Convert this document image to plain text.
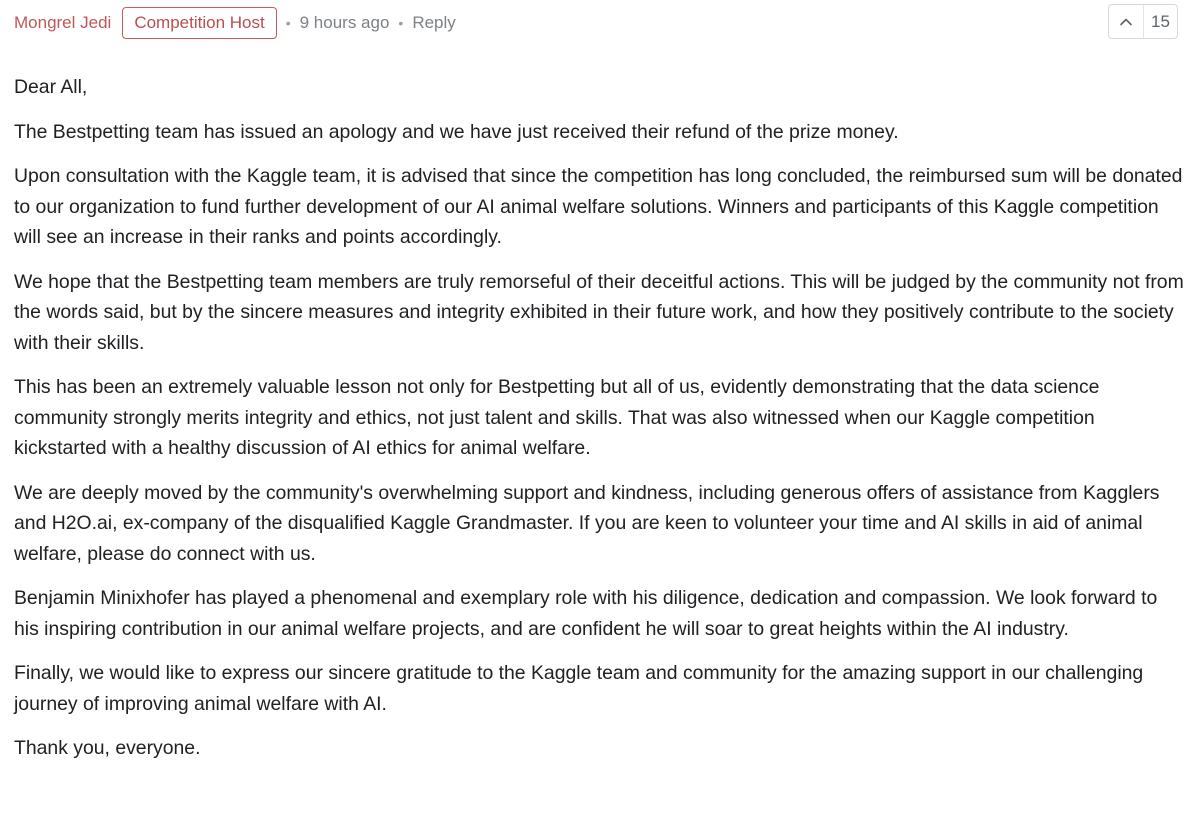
Mongrel Jedi	Competition Host	• 9 hours ago • Reply	15

Dear All,

The Bestpetting team has issued an apology and we have just received their refund of the prize money.

Upon consultation with the Kaggle team, it is advised that since the competition has long concluded, the reimbursed sum will be donated to our organization to fund further development of our AI animal welfare solutions. Winners and participants of this Kaggle competition will see an increase in their ranks and points accordingly.

We hope that the Bestpetting team members are truly remorseful of their deceitful actions. This will be judged by the community not from the words said, but by the sincere measures and integrity exhibited in their future work, and how they positively contribute to the society with their skills.

This has been an extremely valuable lesson not only for Bestpetting but all of us, evidently demonstrating that the data science community strongly merits integrity and ethics, not just talent and skills. That was also witnessed when our Kaggle competition kickstarted with a healthy discussion of AI ethics for animal welfare.

We are deeply moved by the community's overwhelming support and kindness, including generous offers of assistance from Kagglers and H2O.ai, ex-company of the disqualified Kaggle Grandmaster. If you are keen to volunteer your time and AI skills in aid of animal welfare, please do connect with us.

Benjamin Minixhofer has played a phenomenal and exemplary role with his diligence, dedication and compassion. We look forward to his inspiring contribution in our animal welfare projects, and are confident he will soar to great heights within the AI industry.

Finally, we would like to express our sincere gratitude to the Kaggle team and community for the amazing support in our challenging journey of improving animal welfare with AI.

Thank you, everyone.
